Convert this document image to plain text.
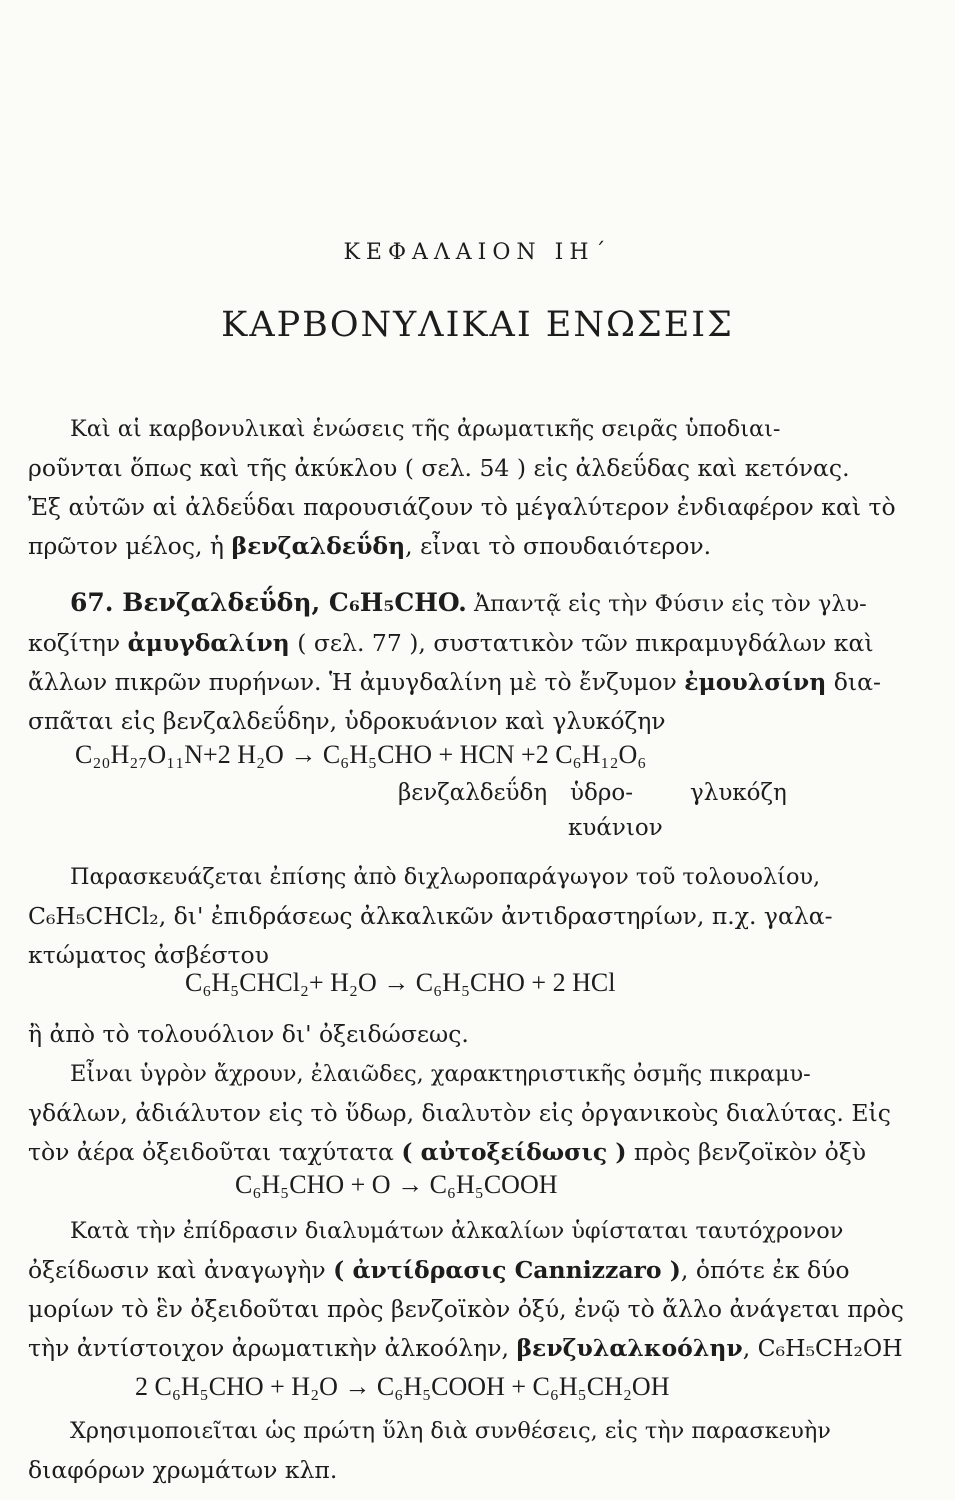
ΚΕΦΑΛΑΙΟΝ ΙΗ΄
ΚΑΡΒΟΝΥΛΙΚΑΙ ΕΝΩΣΕΙΣ
Καὶ αἱ καρβονυλικαὶ ἑνώσεις τῆς ἀρωματικῆς σειρᾶς ὑποδιαι-
ροῦνται ὅπως καὶ τῆς ἀκύκλου ( σελ. 54 ) εἰς ἀλδεΰδας καὶ κετόνας.
Ἐξ αὐτῶν αἱ ἀλδεΰδαι παρουσιάζουν τὸ μέγαλύτερον ἐνδιαφέρον καὶ τὸ
πρῶτον μέλος, ἡ βενζαλδεΰδη, εἶναι τὸ σπουδαιότερον.
67. Βενζαλδεΰδη, C₆H₅CHO. Ἀπαντᾷ εἰς τὴν Φύσιν εἰς τὸν γλυ-
κοζίτην ἀμυγδαλίνη ( σελ. 77 ), συστατικὸν τῶν πικραμυγδάλων καὶ
ἄλλων πικρῶν πυρήνων. Ἡ ἀμυγδαλίνη μὲ τὸ ἔνζυμον ἐμουλσίνη δια-
σπᾶται εἰς βενζαλδεΰδην, ὑδροκυάνιον καὶ γλυκόζην
C₂₀H₂₇O₁₁N+2 H₂O → C₆H₅CHO + HCN +2 C₆H₁₂O₆
βενζαλδεΰδη ὑδρο-
κυάνιον
γλυκόζη
Παρασκευάζεται ἐπίσης ἀπὸ διχλωροπαράγωγον τοῦ τολουολίου,
C₆H₅CHCl₂, δι' ἐπιδράσεως ἀλκαλικῶν ἀντιδραστηρίων, π.χ. γαλα-
κτώματος ἀσβέστου
C₆H₅CHCl₂+ H₂O → C₆H₅CHO + 2 HCl
ἢ ἀπὸ τὸ τολουόλιον δι' ὀξειδώσεως.
Εἶναι ὑγρὸν ἄχρουν, ἐλαιῶδες, χαρακτηριστικῆς ὀσμῆς πικραμυ-
γδάλων, ἀδιάλυτον εἰς τὸ ὕδωρ, διαλυτὸν εἰς ὀργανικοὺς διαλύτας. Εἰς
τὸν ἀέρα ὀξειδοῦται ταχύτατα ( αὐτοξείδωσις ) πρὸς βενζοϊκὸν ὀξὺ
C₆H₅CHO + O → C₆H₅COOH
Κατὰ τὴν ἐπίδρασιν διαλυμάτων ἀλκαλίων ὑφίσταται ταυτόχρονον
ὀξείδωσιν καὶ ἀναγωγὴν ( ἀντίδρασις Cannizzaro ), ὁπότε ἐκ δύο
μορίων τὸ ἓν ὀξειδοῦται πρὸς βενζοϊκὸν ὀξύ, ἐνῷ τὸ ἄλλο ἀνάγεται πρὸς
τὴν ἀντίστοιχον ἀρωματικὴν ἀλκοόλην, βενζυλαλκοόλην, C₆H₅CH₂OH
2 C₆H₅CHO + H₂O → C₆H₅COOH + C₆H₅CH₂OH
Χρησιμοποιεῖται ὡς πρώτη ὕλη διὰ συνθέσεις, εἰς τὴν παρασκευὴν
διαφόρων χρωμάτων κλπ.
